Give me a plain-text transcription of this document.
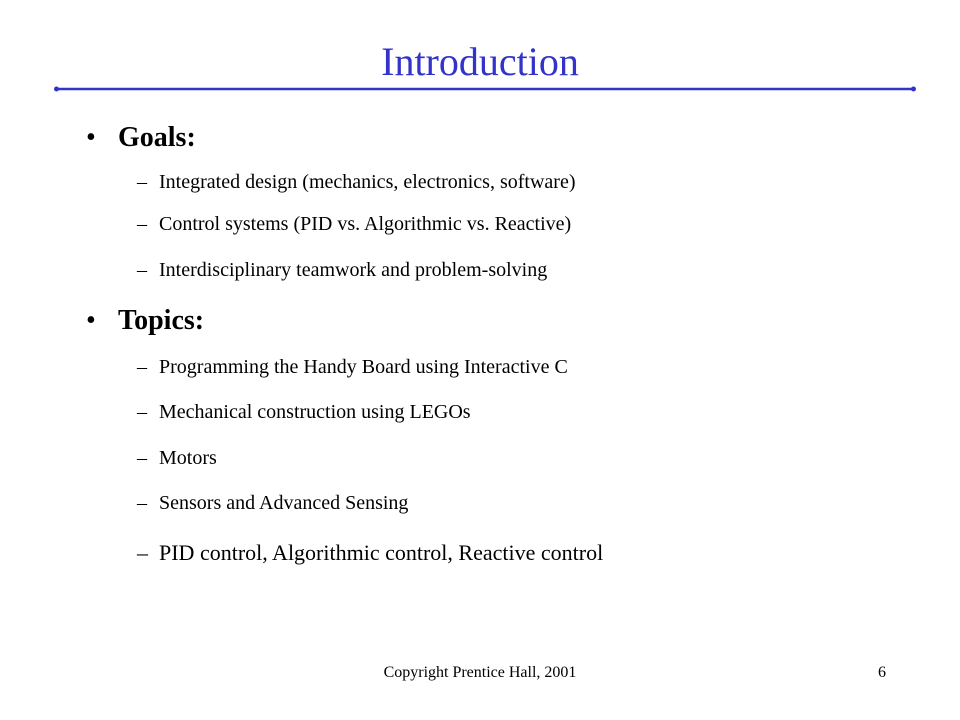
Introduction
• Goals:
– Integrated design (mechanics, electronics, software)
– Control systems (PID vs. Algorithmic vs. Reactive)
– Interdisciplinary teamwork and problem-solving
• Topics:
– Programming the Handy Board using Interactive C
– Mechanical construction using LEGOs
– Motors
– Sensors and Advanced Sensing
– PID control, Algorithmic control, Reactive control
Copyright Prentice Hall, 2001	6
